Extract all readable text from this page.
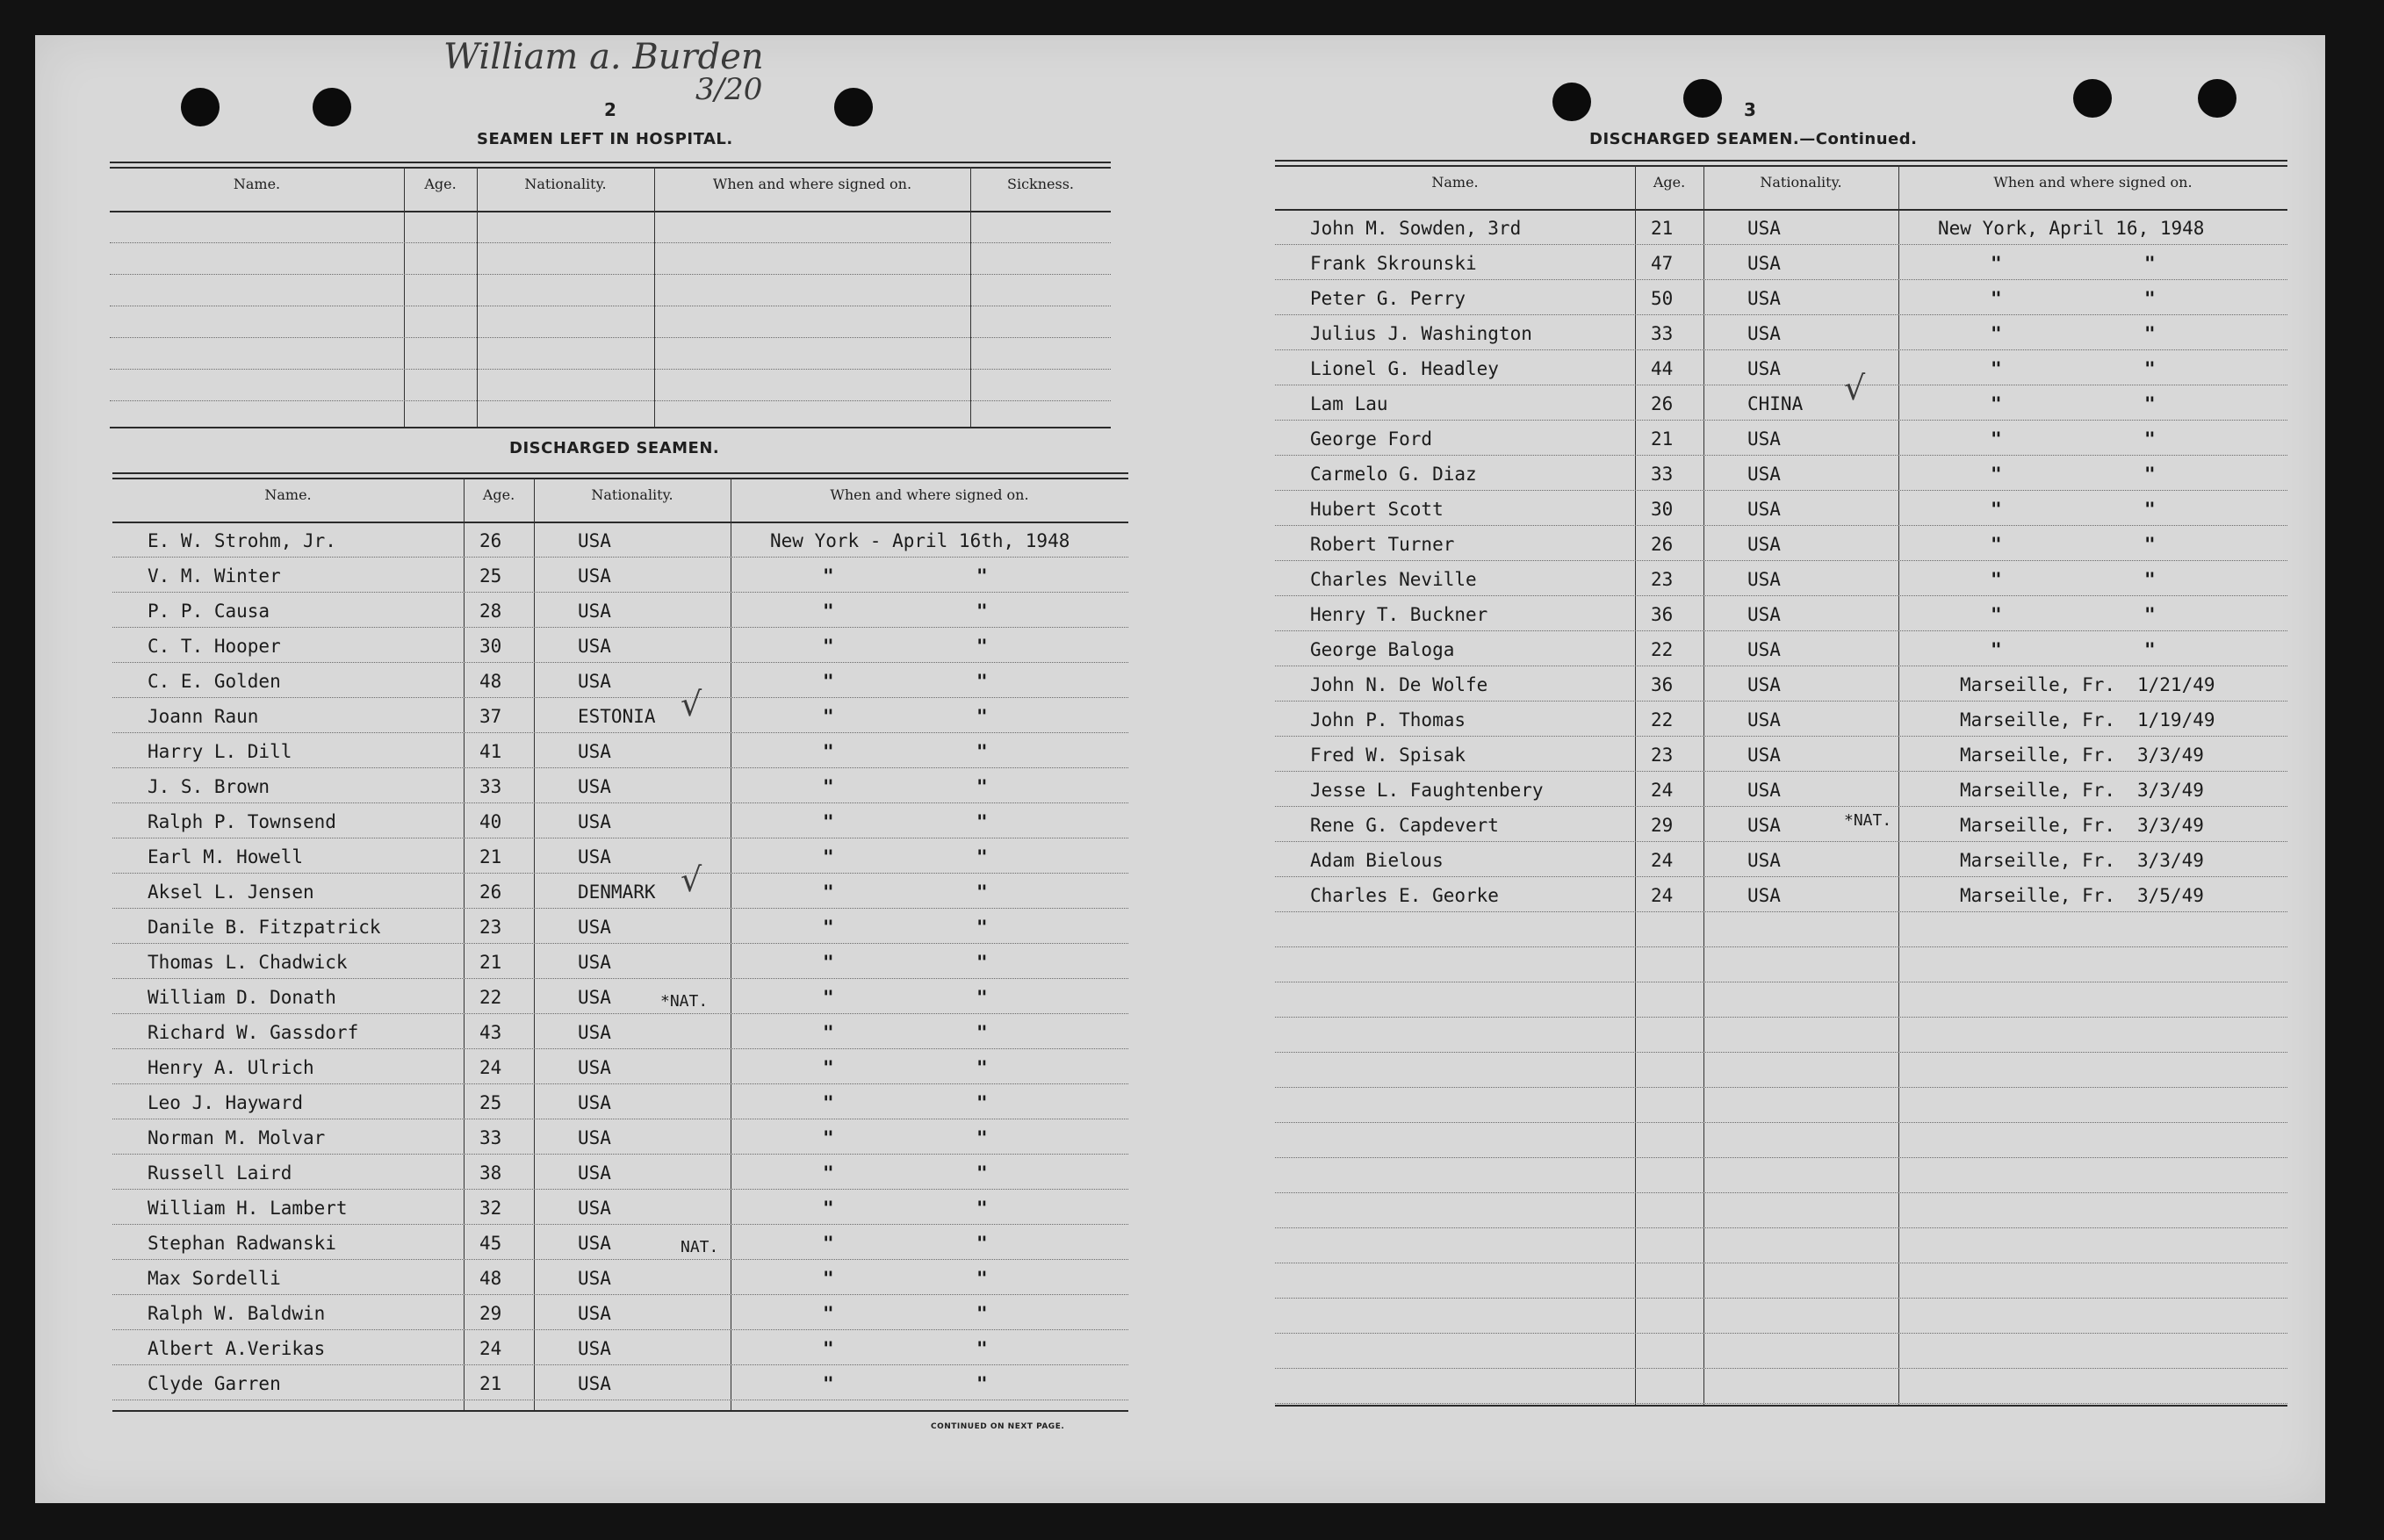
William a. Burden
3/20
2
SEAMEN LEFT IN HOSPITAL.
Name.	Age.	Nationality.	When and where signed on.	Sickness.
DISCHARGED SEAMEN.
Name.	Age.	Nationality.	When and where signed on.
E. W. Strohm, Jr.	26	USA	New York - April 16th, 1948
V. M. Winter	25	USA	"	"
P. P. Causa	28	USA	"	"
C. T. Hooper	30	USA	"	"
C. E. Golden	48	USA	"	"
Joann Raun	37	ESTONIA	"	"
Harry L. Dill	41	USA	"	"
J. S. Brown	33	USA	"	"
Ralph P. Townsend	40	USA	"	"
Earl M. Howell	21	USA	"	"
Aksel L. Jensen	26	DENMARK	"	"
Danile B. Fitzpatrick	23	USA	"	"
Thomas L. Chadwick	21	USA	"	"
William D. Donath	22	USA	"	"
Richard W. Gassdorf	43	USA	"	"
Henry A. Ulrich	24	USA	"	"
Leo J. Hayward	25	USA	"	"
Norman M. Molvar	33	USA	"	"
Russell Laird	38	USA	"	"
William H. Lambert	32	USA	"	"
Stephan Radwanski	45	USA	"	"
Max Sordelli	48	USA	"	"
Ralph W. Baldwin	29	USA	"	"
Albert A.Verikas	24	USA	"	"
Clyde Garren	21	USA	"	"
*NAT.
NAT.
√
√
CONTINUED ON NEXT PAGE.
3
DISCHARGED SEAMEN.—Continued.
Name.	Age.	Nationality.	When and where signed on.
John M. Sowden, 3rd	21	USA	New York, April 16, 1948
Frank Skrounski	47	USA	"	"
Peter G. Perry	50	USA	"	"
Julius J. Washington	33	USA	"	"
Lionel G. Headley	44	USA	"	"
Lam Lau	26	CHINA	"	"
George Ford	21	USA	"	"
Carmelo G. Diaz	33	USA	"	"
Hubert Scott	30	USA	"	"
Robert Turner	26	USA	"	"
Charles Neville	23	USA	"	"
Henry T. Buckner	36	USA	"	"
George Baloga	22	USA	"	"
John N. De Wolfe	36	USA	Marseille, Fr. 1/21/49
John P. Thomas	22	USA	Marseille, Fr. 1/19/49
Fred W. Spisak	23	USA	Marseille, Fr. 3/3/49
Jesse L. Faughtenbery	24	USA	Marseille, Fr. 3/3/49
Rene G. Capdevert	29	USA	Marseille, Fr. 3/3/49
Adam Bielous	24	USA	Marseille, Fr. 3/3/49
Charles E. Georke	24	USA	Marseille, Fr. 3/5/49
*NAT.
√
